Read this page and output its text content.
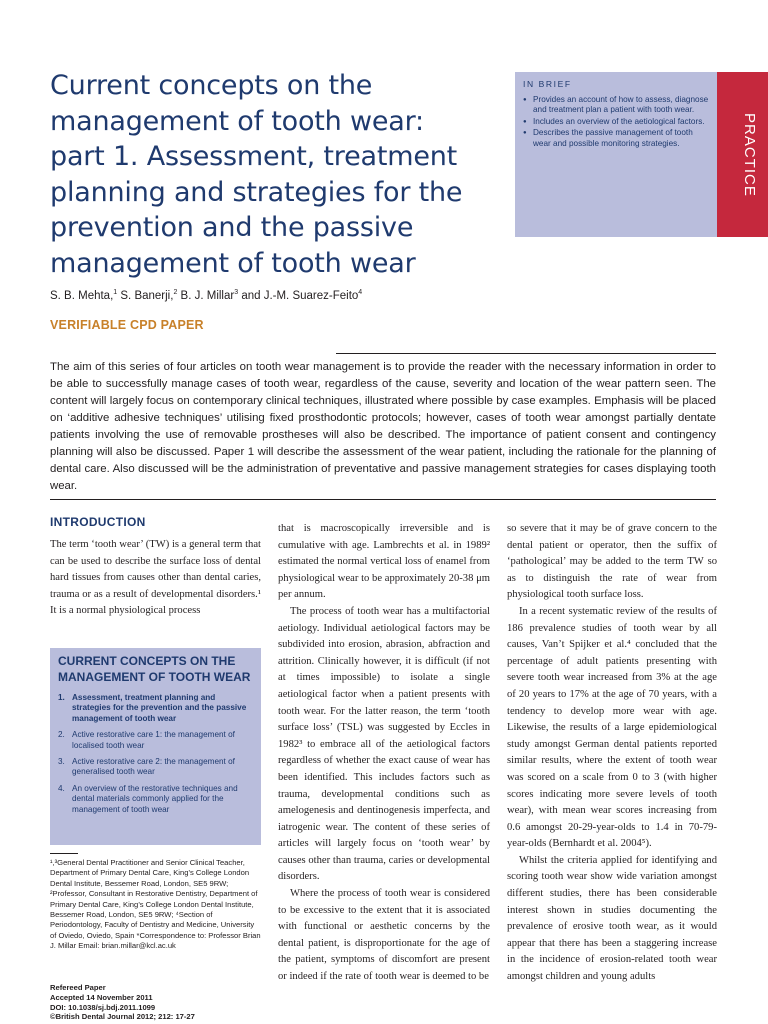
Current concepts on the
management of tooth wear:
part 1. Assessment, treatment
planning and strategies for the
prevention and the passive
management of tooth wear
S. B. Mehta,$^1$ S. Banerji,$^2$ B. J. Millar$^3$ and J.-M. Suarez-Feito$^4$
VERIFIABLE CPD PAPER
IN BRIEF
● Provides an account of how to assess, diagnose and treatment plan a patient with tooth wear.
● Includes an overview of the aetiological factors.
● Describes the passive management of tooth wear and possible monitoring strategies.	PRACTICE
The aim of this series of four articles on tooth wear management is to provide the reader with the necessary information in order to be able to successfully manage cases of tooth wear, regardless of the cause, severity and location of the wear pattern seen. The content will largely focus on contemporary clinical techniques, illustrated where possible by case examples. Emphasis will be placed on ‘additive adhesive techniques’ utilising fixed prosthodontic protocols; however, cases of tooth wear amongst partially dentate patients involving the use of removable prostheses will also be described. The importance of patient consent and contingency planning will also be discussed. Paper 1 will describe the assessment of the wear patient, including the rationale for the planning of dental care. Also discussed will be the administration of preventative and passive management strategies for cases displaying tooth wear.
INTRODUCTION

The term ‘tooth wear’ (TW) is a general term that can be used to describe the surface loss of dental hard tissues from causes other than dental caries, trauma or as a result of developmental disorders.¹ It is a normal physiological process

CURRENT CONCEPTS ON THE MANAGEMENT OF TOOTH WEAR
1. Assessment, treatment planning and strategies for the prevention and the passive management of tooth wear
2. Active restorative care 1: the management of localised tooth wear
3. Active restorative care 2: the management of generalised tooth wear
4. An overview of the restorative techniques and dental materials commonly applied for the management of tooth wear
¹,³General Dental Practitioner and Senior Clinical Teacher, Department of Primary Dental Care, King’s College London Dental Institute, Bessemer Road, London, SE5 9RW; ²Professor, Consultant in Restorative Dentistry, Department of Primary Dental Care, King’s College London Dental Institute, Bessemer Road, London, SE5 9RW; ⁴Section of Periodontology, Faculty of Dentistry and Medicine, University of Oviedo, Oviedo, Spain *Correspondence to: Professor Brian J. Millar Email: brian.millar@kcl.ac.uk
Refereed Paper
Accepted 14 November 2011
DOI: 10.1038/sj.bdj.2011.1099
©British Dental Journal 2012; 212: 17-27

that is macroscopically irreversible and is cumulative with age. Lambrechts et al. in 1989² estimated the normal vertical loss of enamel from physiological wear to be approximately 20-38 μm per annum.

The process of tooth wear has a multifactorial aetiology. Individual aetiological factors may be subdivided into erosion, abrasion, abfraction and attrition. Clinically however, it is difficult (if not at times impossible) to isolate a single aetiological factor when a patient presents with tooth wear. For the latter reason, the term ‘tooth surface loss’ (TSL) was suggested by Eccles in 1982³ to embrace all of the aetiological factors regardless of whether the exact cause of wear has been identified. This includes factors such as trauma, developmental conditions such as amelogenesis and dentinogenesis imperfecta, and iatrogenic wear. The content of these series of articles will largely focus on ‘tooth wear’ by causes other than trauma, caries or developmental disorders.

Where the process of tooth wear is considered to be excessive to the extent that it is associated with functional or aesthetic concerns by the dental patient, is disproportionate for the age of the patient, symptoms of discomfort are present or indeed if the rate of tooth wear is deemed to be

so severe that it may be of grave concern to the dental patient or operator, then the suffix of ‘pathological’ may be added to the term TW so as to distinguish the rate of wear from physiological tooth surface loss.

In a recent systematic review of the results of 186 prevalence studies of tooth wear by all causes, Van’t Spijker et al.⁴ concluded that the percentage of adult patients presenting with severe tooth wear increased from 3% at the age of 20 years to 17% at the age of 70 years, with a tendency to develop more wear with age. Likewise, the results of a large epidemiological study amongst German dental patients reported similar results, where the extent of tooth wear was scored on a scale from 0 to 3 (with higher scores indicating more severe levels of tooth wear), with mean wear scores increasing from 0.6 amongst 20-29-year-olds to 1.4 in 70-79-year-olds (Bernhardt et al. 2004⁵).

Whilst the criteria applied for identifying and scoring tooth wear show wide variation amongst different studies, there has been considerable interest shown in studies documenting the prevalence of erosive tooth wear, as it would appear that there has been a staggering increase in the incidence of erosion-related tooth wear amongst children and young adults
